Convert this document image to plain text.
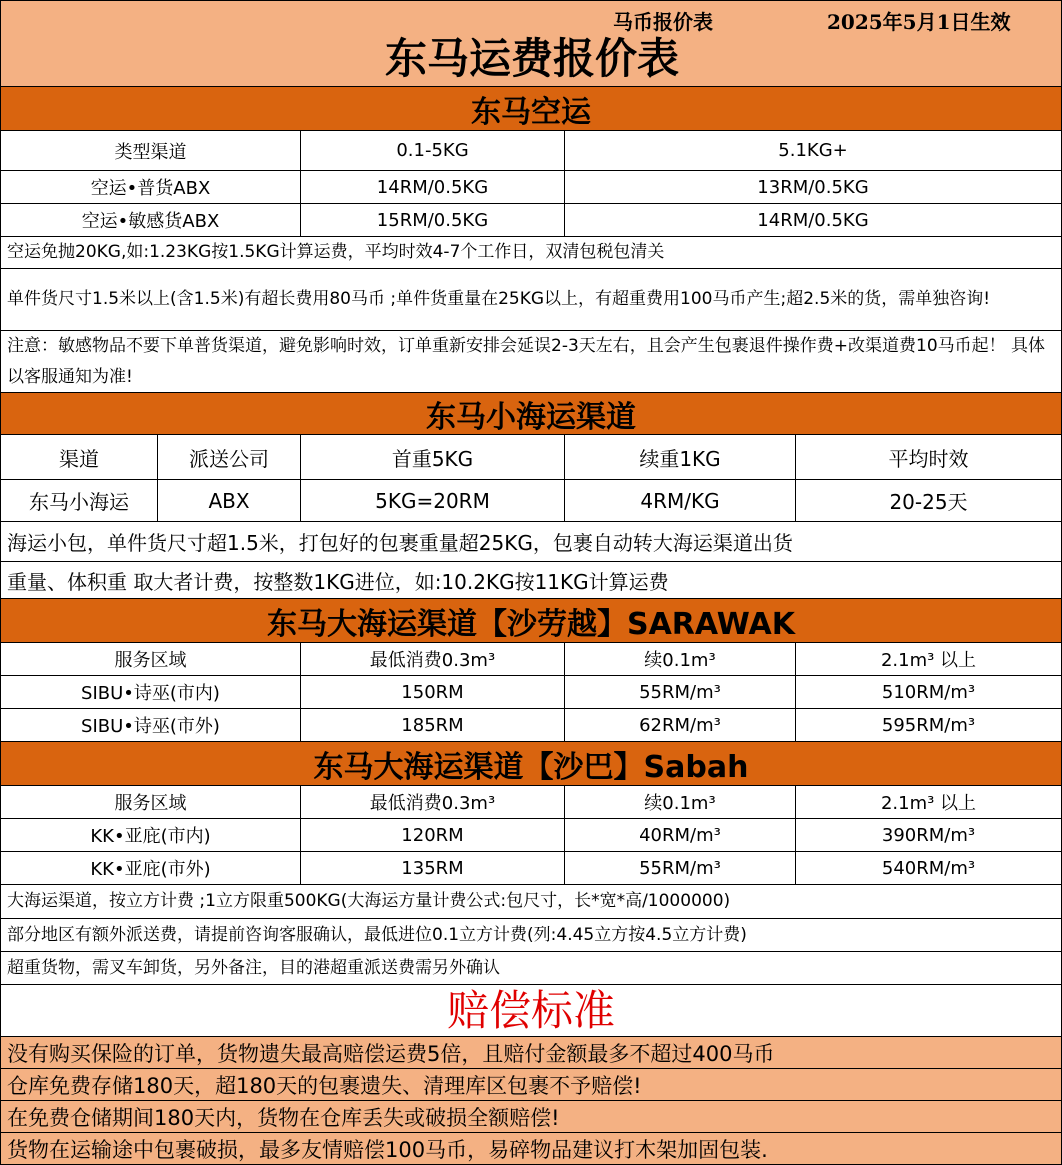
马币报价表	2025年5月1日生效
东马运费报价表
东马空运
类型渠道	0.1-5KG	5.1KG+
空运•普货ABX	14RM/0.5KG	13RM/0.5KG
空运•敏感货ABX	15RM/0.5KG	14RM/0.5KG
空运免抛20KG,如:1.23KG按1.5KG计算运费，平均时效4-7个工作日，双清包税包清关
单件货尺寸1.5米以上(含1.5米)有超长费用80马币 ;单件货重量在25KG以上，有超重费用100马币产生;超2.5米的货，需单独咨询!
注意：敏感物品不要下单普货渠道，避免影响时效，订单重新安排会延误2-3天左右，且会产生包裹退件操作费+改渠道费10马币起！ 具体以客服通知为准!
东马小海运渠道
渠道	派送公司	首重5KG	续重1KG	平均时效
东马小海运	ABX	5KG=20RM	4RM/KG	20-25天
海运小包，单件货尺寸超1.5米，打包好的包裹重量超25KG，包裹自动转大海运渠道出货
重量、体积重 取大者计费，按整数1KG进位，如:10.2KG按11KG计算运费
东马大海运渠道【沙劳越】SARAWAK
服务区域	最低消费0.3m³	续0.1m³	2.1m³ 以上
SIBU•诗巫(市内)	150RM	55RM/m³	510RM/m³
SIBU•诗巫(市外)	185RM	62RM/m³	595RM/m³
东马大海运渠道【沙巴】Sabah
服务区域	最低消费0.3m³	续0.1m³	2.1m³ 以上
KK•亚庇(市内)	120RM	40RM/m³	390RM/m³
KK•亚庇(市外)	135RM	55RM/m³	540RM/m³
大海运渠道，按立方计费 ;1立方限重500KG(大海运方量计费公式:包尺寸，长*宽*高/1000000)
部分地区有额外派送费，请提前咨询客服确认，最低进位0.1立方计费(列:4.45立方按4.5立方计费)
超重货物，需叉车卸货，另外备注，目的港超重派送费需另外确认
赔偿标准
没有购买保险的订单，货物遗失最高赔偿运费5倍，且赔付金额最多不超过400马币
仓库免费存储180天，超180天的包裹遗失、清理库区包裹不予赔偿!
在免费仓储期间180天内，货物在仓库丢失或破损全额赔偿!
货物在运输途中包裹破损，最多友情赔偿100马币，易碎物品建议打木架加固包装.
